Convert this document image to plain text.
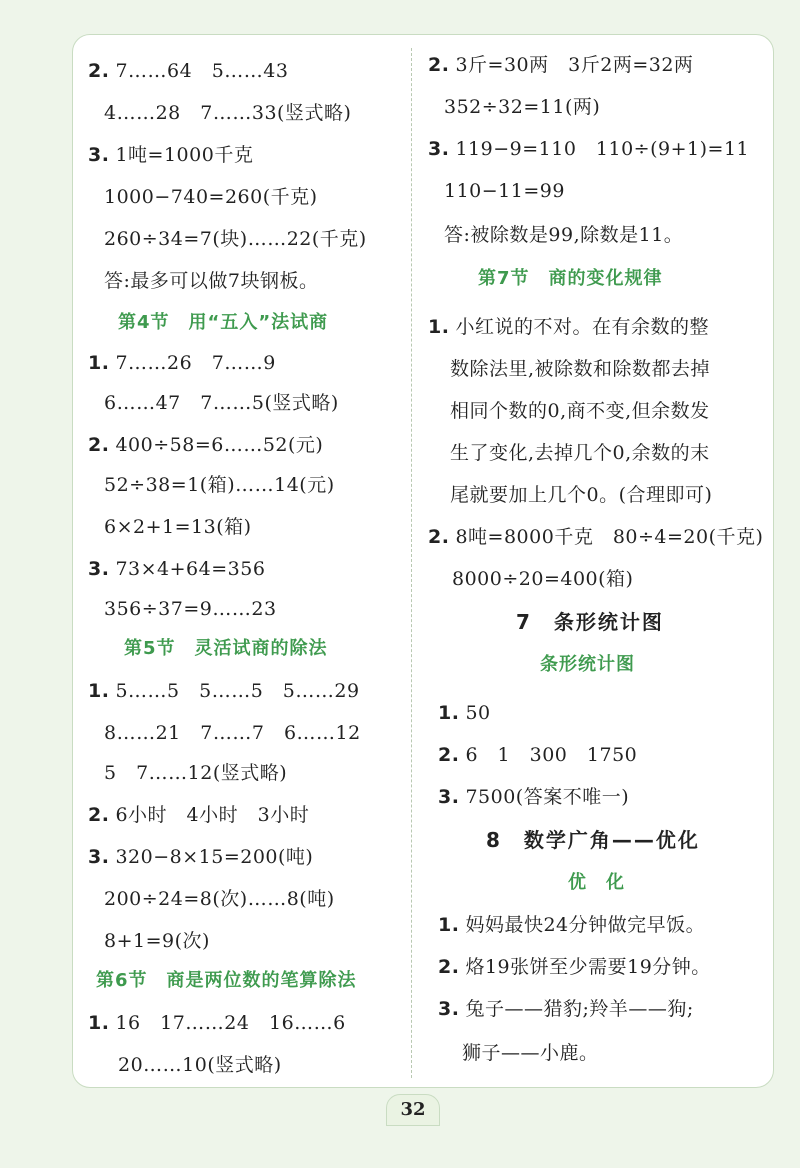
2. 7……64　5……43
4……28　7……33(竖式略)
3. 1吨=1000千克
1000−740=260(千克)
260÷34=7(块)……22(千克)
答:最多可以做7块钢板。
第4节　用“五入”法试商
1. 7……26　7……9
6……47　7……5(竖式略)
2. 400÷58=6……52(元)
52÷38=1(箱)……14(元)
6×2+1=13(箱)
3. 73×4+64=356
356÷37=9……23
第5节　灵活试商的除法
1. 5……5　5……5　5……29
8……21　7……7　6……12
5　7……12(竖式略)
2. 6小时　4小时　3小时
3. 320−8×15=200(吨)
200÷24=8(次)……8(吨)
8+1=9(次)
第6节　商是两位数的笔算除法
1. 16　17……24　16……6
20……10(竖式略)
2. 3斤=30两　3斤2两=32两
352÷32=11(两)
3. 119−9=110　110÷(9+1)=11
110−11=99
答:被除数是99,除数是11。
第7节　商的变化规律
1. 小红说的不对。在有余数的整
数除法里,被除数和除数都去掉
相同个数的0,商不变,但余数发
生了变化,去掉几个0,余数的末
尾就要加上几个0。(合理即可)
2. 8吨=8000千克　80÷4=20(千克)
8000÷20=400(箱)
7　条形统计图
条形统计图
1. 50
2. 6　1　300　1750
3. 7500(答案不唯一)
8　数学广角——优化
优　化
1. 妈妈最快24分钟做完早饭。
2. 烙19张饼至少需要19分钟。
3. 兔子——猎豹;羚羊——狗;
狮子——小鹿。
32
